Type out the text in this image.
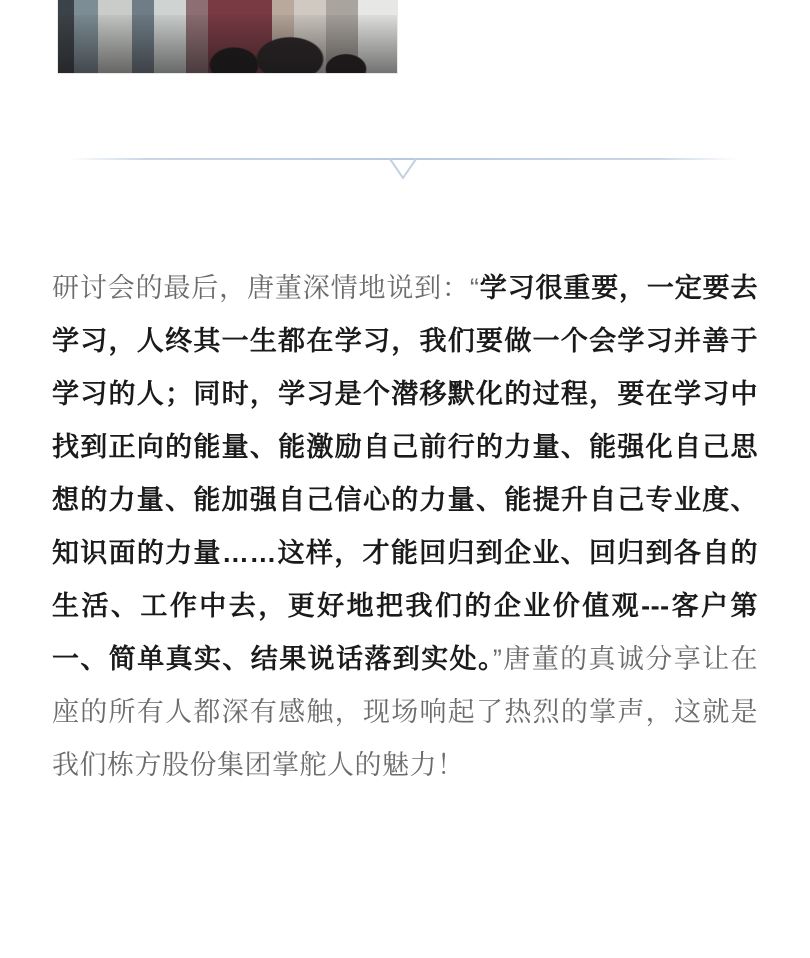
研讨会的最后，唐董深情地说到：“学习很重要，一定要去学习，人终其一生都在学习，我们要做一个会学习并善于学习的人；同时，学习是个潜移默化的过程，要在学习中找到正向的能量、能激励自己前行的力量、能强化自己思想的力量、能加强自己信心的力量、能提升自己专业度、知识面的力量……这样，才能回归到企业、回归到各自的生活、工作中去，更好地把我们的企业价值观---客户第一、简单真实、结果说话落到实处。”唐董的真诚分享让在座的所有人都深有感触，现场响起了热烈的掌声，这就是我们栋方股份集团掌舵人的魅力！
